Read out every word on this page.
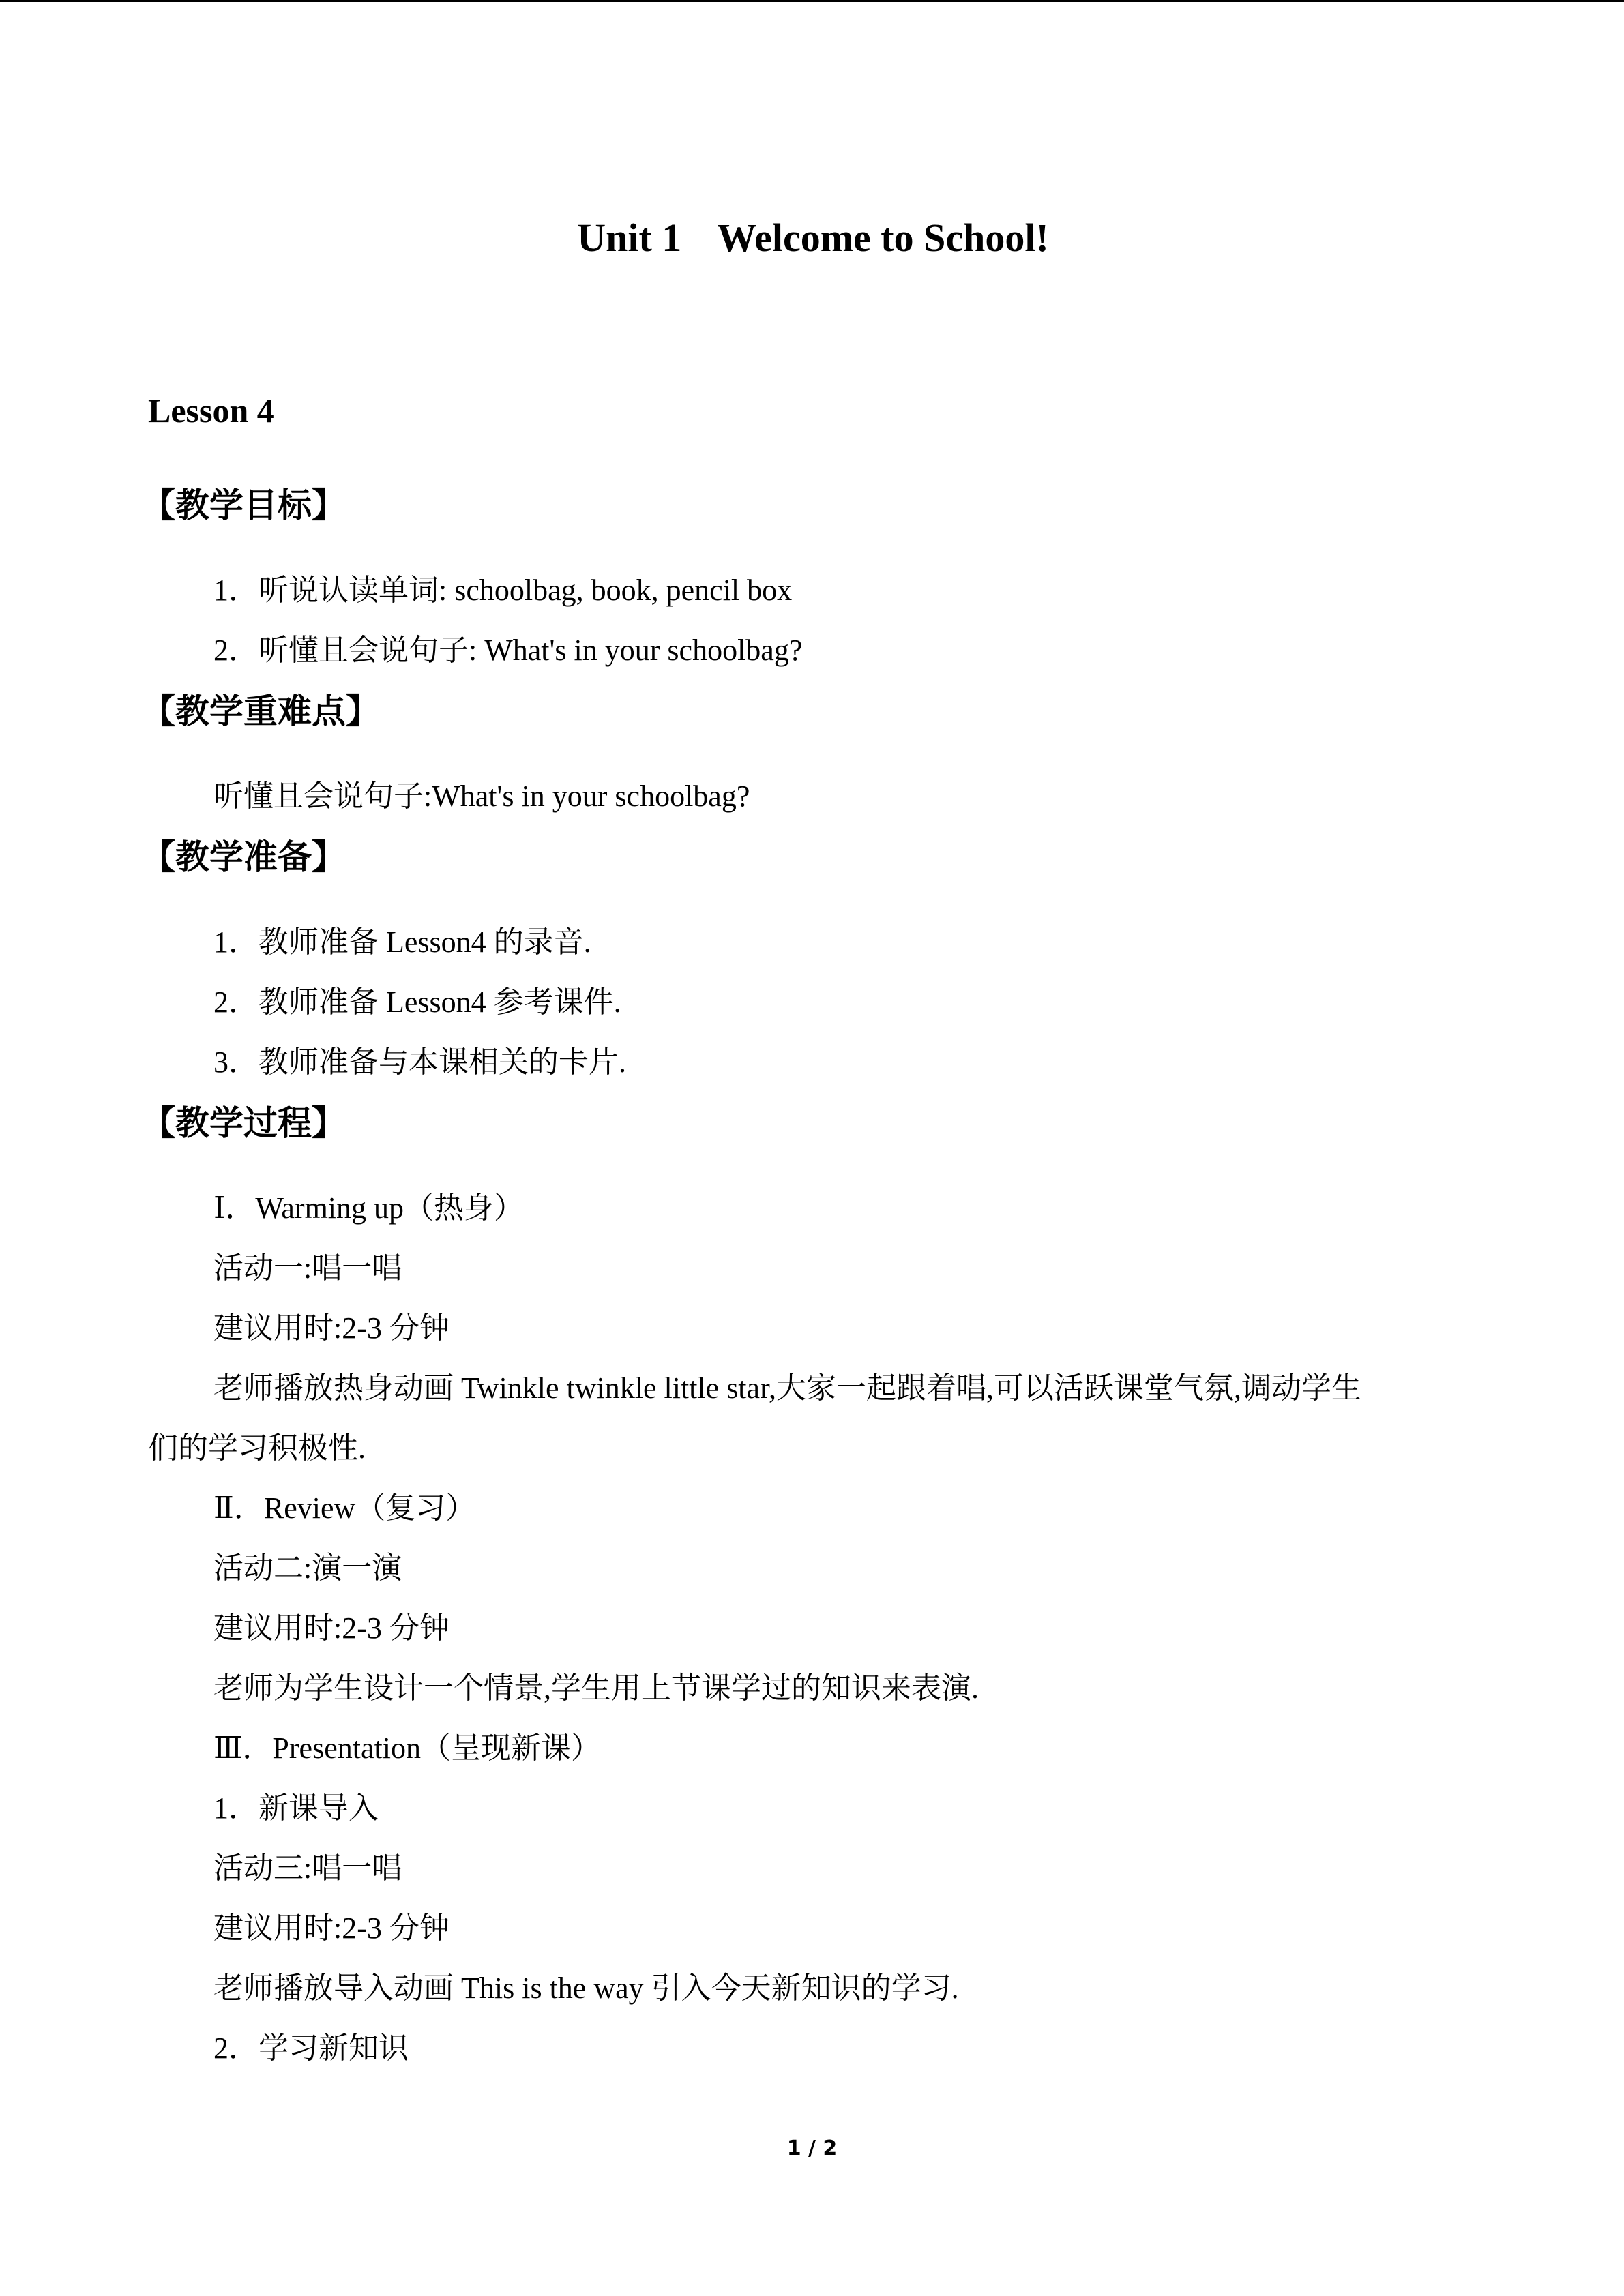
Unit 1 Welcome to School!
Lesson 4
【教学目标】
1．听说认读单词: schoolbag, book, pencil box
2．听懂且会说句子: What's in your schoolbag?
【教学重难点】
听懂且会说句子:What's in your schoolbag?
【教学准备】
1．教师准备 Lesson4 的录音.
2．教师准备 Lesson4 参考课件.
3．教师准备与本课相关的卡片.
【教学过程】
Ⅰ．Warming up（热身）
活动一:唱一唱
建议用时:2-3 分钟
老师播放热身动画 Twinkle twinkle little star,大家一起跟着唱,可以活跃课堂气氛,调动学生
们的学习积极性.
Ⅱ．Review（复习）
活动二:演一演
建议用时:2-3 分钟
老师为学生设计一个情景,学生用上节课学过的知识来表演.
Ⅲ．Presentation（呈现新课）
1．新课导入
活动三:唱一唱
建议用时:2-3 分钟
老师播放导入动画 This is the way 引入今天新知识的学习.
2．学习新知识
1 / 2
